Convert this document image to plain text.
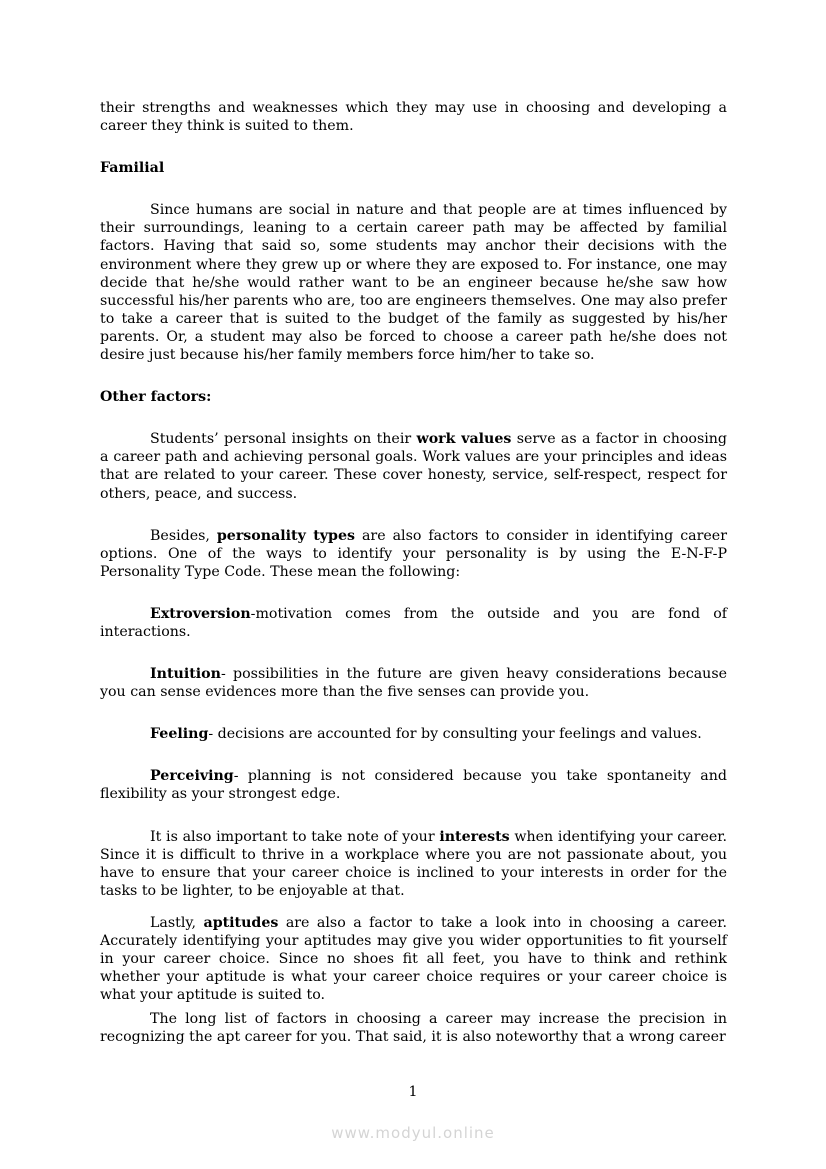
their strengths and weaknesses which they may use in choosing and developing a career they think is suited to them.

Familial

Since humans are social in nature and that people are at times influenced by their surroundings, leaning to a certain career path may be affected by familial factors. Having that said so, some students may anchor their decisions with the environment where they grew up or where they are exposed to. For instance, one may decide that he/she would rather want to be an engineer because he/she saw how successful his/her parents who are, too are engineers themselves. One may also prefer to take a career that is suited to the budget of the family as suggested by his/her parents. Or, a student may also be forced to choose a career path he/she does not desire just because his/her family members force him/her to take so.

Other factors:

Students’ personal insights on their work values serve as a factor in choosing a career path and achieving personal goals. Work values are your principles and ideas that are related to your career. These cover honesty, service, self-respect, respect for others, peace, and success.

Besides, personality types are also factors to consider in identifying career options. One of the ways to identify your personality is by using the E-N-F-P Personality Type Code. These mean the following:

Extroversion-motivation comes from the outside and you are fond of interactions.

Intuition- possibilities in the future are given heavy considerations because you can sense evidences more than the five senses can provide you.

Feeling- decisions are accounted for by consulting your feelings and values.

Perceiving- planning is not considered because you take spontaneity and flexibility as your strongest edge.

It is also important to take note of your interests when identifying your career. Since it is difficult to thrive in a workplace where you are not passionate about, you have to ensure that your career choice is inclined to your interests in order for the tasks to be lighter, to be enjoyable at that.

Lastly, aptitudes are also a factor to take a look into in choosing a career. Accurately identifying your aptitudes may give you wider opportunities to fit yourself in your career choice. Since no shoes fit all feet, you have to think and rethink whether your aptitude is what your career choice requires or your career choice is what your aptitude is suited to.

The long list of factors in choosing a career may increase the precision in recognizing the apt career for you. That said, it is also noteworthy that a wrong career

1
www.modyul.online
